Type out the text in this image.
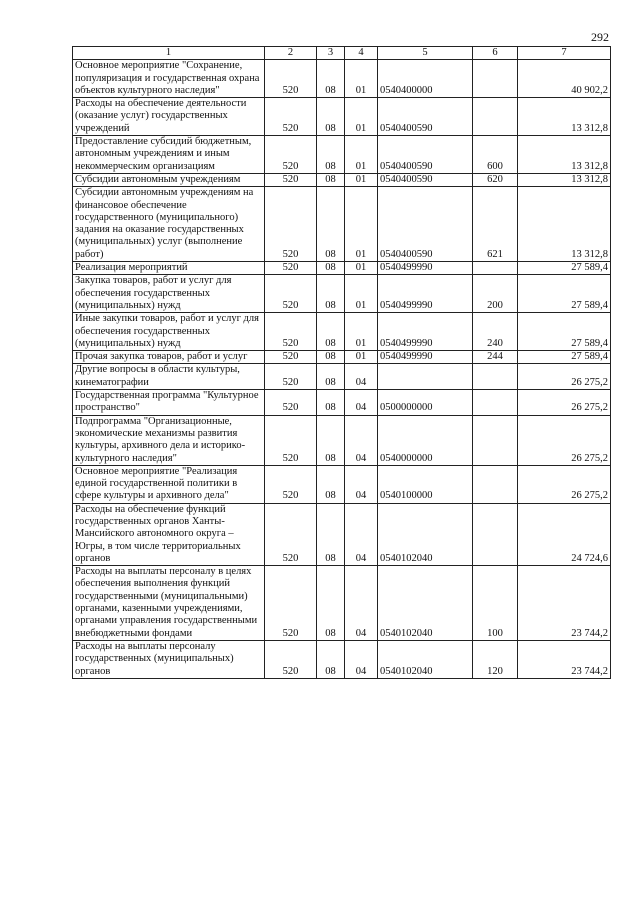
292
1	2	3	4	5	6	7
Основное мероприятие "Сохранение, популяризация и государственная охрана объектов культурного наследия"	520	08	01	0540400000		40 902,2
Расходы на обеспечение деятельности (оказание услуг) государственных учреждений	520	08	01	0540400590		13 312,8
Предоставление субсидий бюджетным, автономным учреждениям и иным некоммерческим организациям	520	08	01	0540400590	600	13 312,8
Субсидии автономным учреждениям	520	08	01	0540400590	620	13 312,8
Субсидии автономным учреждениям на финансовое обеспечение государственного (муниципального) задания на оказание государственных (муниципальных) услуг (выполнение работ)	520	08	01	0540400590	621	13 312,8
Реализация мероприятий	520	08	01	0540499990		27 589,4
Закупка товаров, работ и услуг для обеспечения государственных (муниципальных) нужд	520	08	01	0540499990	200	27 589,4
Иные закупки товаров, работ и услуг для обеспечения государственных (муниципальных) нужд	520	08	01	0540499990	240	27 589,4
Прочая закупка товаров, работ и услуг	520	08	01	0540499990	244	27 589,4
Другие вопросы в области культуры, кинематографии	520	08	04			26 275,2
Государственная программа "Культурное пространство"	520	08	04	0500000000		26 275,2
Подпрограмма "Организационные, экономические механизмы развития культуры, архивного дела и историко-культурного наследия"	520	08	04	0540000000		26 275,2
Основное мероприятие "Реализация единой государственной политики в сфере культуры и архивного дела"	520	08	04	0540100000		26 275,2
Расходы на обеспечение функций государственных органов Ханты-Мансийского автономного округа – Югры, в том числе территориальных органов	520	08	04	0540102040		24 724,6
Расходы на выплаты персоналу в целях обеспечения выполнения функций государственными (муниципальными) органами, казенными учреждениями, органами управления государственными внебюджетными фондами	520	08	04	0540102040	100	23 744,2
Расходы на выплаты персоналу государственных (муниципальных) органов	520	08	04	0540102040	120	23 744,2
